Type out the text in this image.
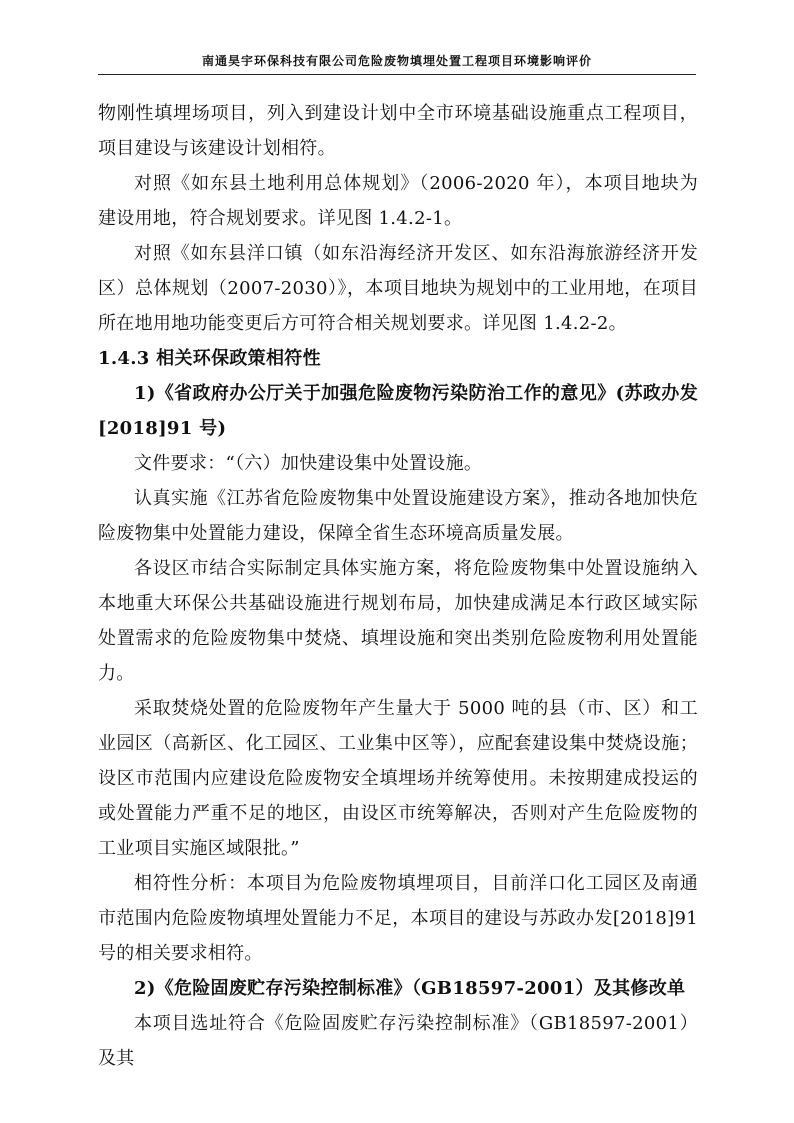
南通昊宇环保科技有限公司危险废物填埋处置工程项目环境影响评价

物刚性填埋场项目，列入到建设计划中全市环境基础设施重点工程项目，项目建设与该建设计划相符。

对照《如东县土地利用总体规划》（2006-2020 年），本项目地块为建设用地，符合规划要求。详见图 1.4.2-1。

对照《如东县洋口镇（如东沿海经济开发区、如东沿海旅游经济开发区）总体规划（2007-2030）》，本项目地块为规划中的工业用地，在项目所在地用地功能变更后方可符合相关规划要求。详见图 1.4.2-2。

1.4.3 相关环保政策相符性

1)《省政府办公厅关于加强危险废物污染防治工作的意见》(苏政办发[2018]91 号)

文件要求：“（六）加快建设集中处置设施。

认真实施《江苏省危险废物集中处置设施建设方案》，推动各地加快危险废物集中处置能力建设，保障全省生态环境高质量发展。

各设区市结合实际制定具体实施方案，将危险废物集中处置设施纳入本地重大环保公共基础设施进行规划布局，加快建成满足本行政区域实际处置需求的危险废物集中焚烧、填埋设施和突出类别危险废物利用处置能力。

采取焚烧处置的危险废物年产生量大于 5000 吨的县（市、区）和工业园区（高新区、化工园区、工业集中区等），应配套建设集中焚烧设施；设区市范围内应建设危险废物安全填埋场并统筹使用。未按期建成投运的或处置能力严重不足的地区，由设区市统筹解决，否则对产生危险废物的工业项目实施区域限批。”

相符性分析：本项目为危险废物填埋项目，目前洋口化工园区及南通市范围内危险废物填埋处置能力不足，本项目的建设与苏政办发[2018]91号的相关要求相符。

2)《危险固废贮存污染控制标准》（GB18597-2001）及其修改单

本项目选址符合《危险固废贮存污染控制标准》（GB18597-2001）及其
